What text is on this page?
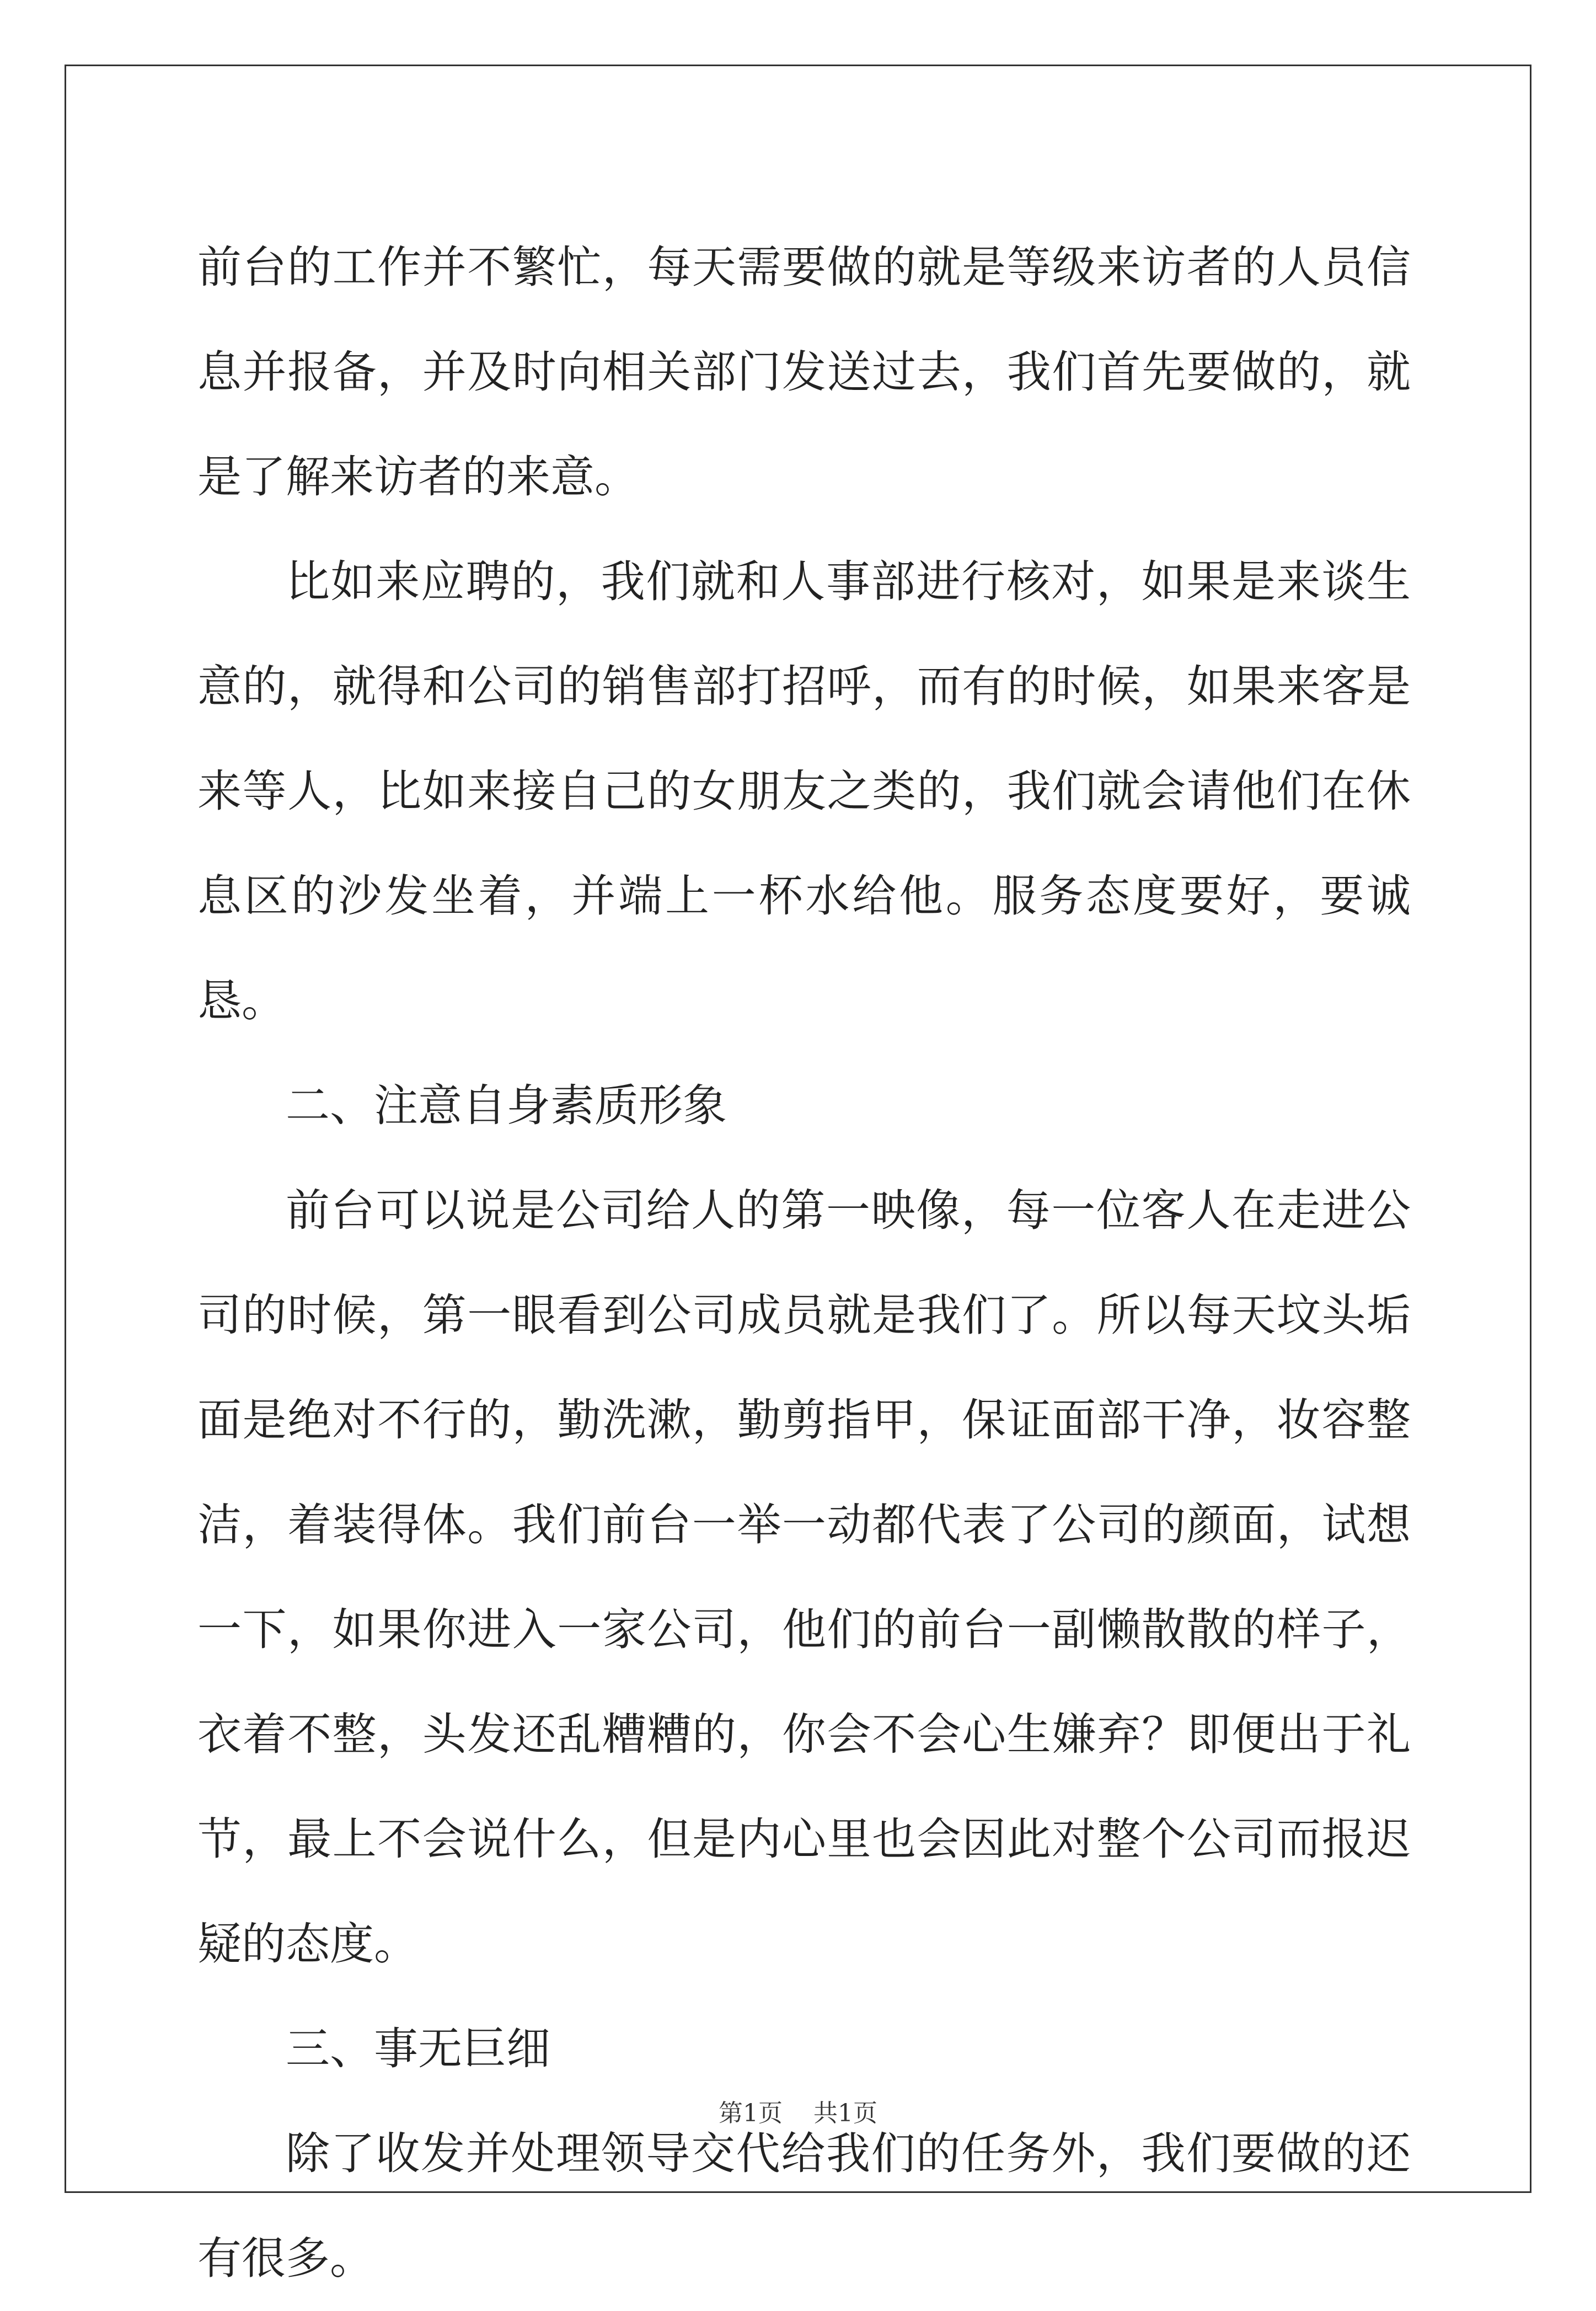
前台的工作并不繁忙，每天需要做的就是等级来访者的人员信息并报备，并及时向相关部门发送过去，我们首先要做的，就是了解来访者的来意。

比如来应聘的，我们就和人事部进行核对，如果是来谈生意的，就得和公司的销售部打招呼，而有的时候，如果来客是来等人，比如来接自己的女朋友之类的，我们就会请他们在休息区的沙发坐着，并端上一杯水给他。服务态度要好，要诚恳。

二、注意自身素质形象

前台可以说是公司给人的第一映像，每一位客人在走进公司的时候，第一眼看到公司成员就是我们了。所以每天坟头垢面是绝对不行的，勤洗漱，勤剪指甲，保证面部干净，妆容整洁，着装得体。我们前台一举一动都代表了公司的颜面，试想一下，如果你进入一家公司，他们的前台一副懒散散的样子，衣着不整，头发还乱糟糟的，你会不会心生嫌弃？即便出于礼节，最上不会说什么，但是内心里也会因此对整个公司而报迟疑的态度。

三、事无巨细

除了收发并处理领导交代给我们的任务外，我们要做的还有很多。

第1页    共1页
